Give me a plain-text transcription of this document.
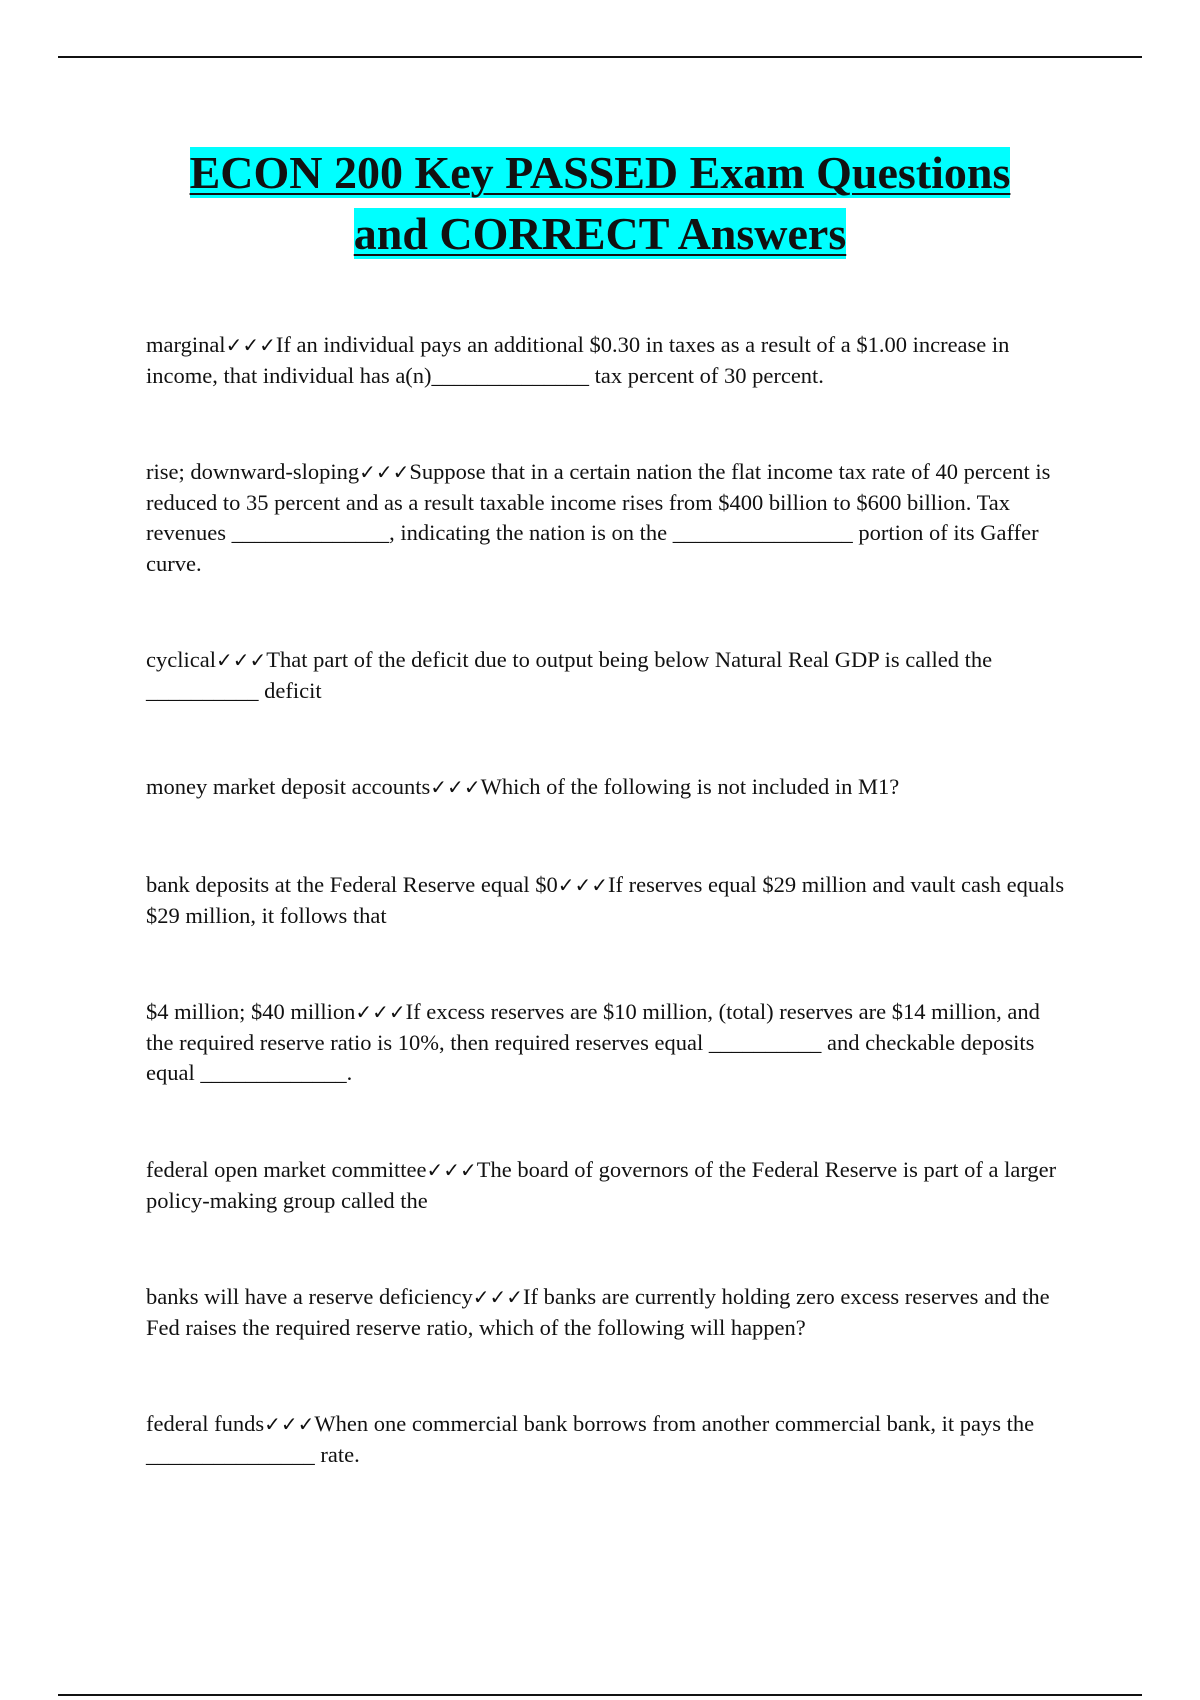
ECON 200 Key PASSED Exam Questions
and CORRECT Answers

marginal✓✓✓If an individual pays an additional $0.30 in taxes as a result of a $1.00 increase in income, that individual has a(n)______________ tax percent of 30 percent.

rise; downward-sloping✓✓✓Suppose that in a certain nation the flat income tax rate of 40 percent is reduced to 35 percent and as a result taxable income rises from $400 billion to $600 billion. Tax revenues ______________, indicating the nation is on the ________________ portion of its Gaffer curve.

cyclical✓✓✓That part of the deficit due to output being below Natural Real GDP is called the __________ deficit

money market deposit accounts✓✓✓Which of the following is not included in M1?

bank deposits at the Federal Reserve equal $0✓✓✓If reserves equal $29 million and vault cash equals $29 million, it follows that

$4 million; $40 million✓✓✓If excess reserves are $10 million, (total) reserves are $14 million, and the required reserve ratio is 10%, then required reserves equal __________ and checkable deposits equal _____________.

federal open market committee✓✓✓The board of governors of the Federal Reserve is part of a larger policy-making group called the

banks will have a reserve deficiency✓✓✓If banks are currently holding zero excess reserves and the Fed raises the required reserve ratio, which of the following will happen?

federal funds✓✓✓When one commercial bank borrows from another commercial bank, it pays the _______________ rate.
